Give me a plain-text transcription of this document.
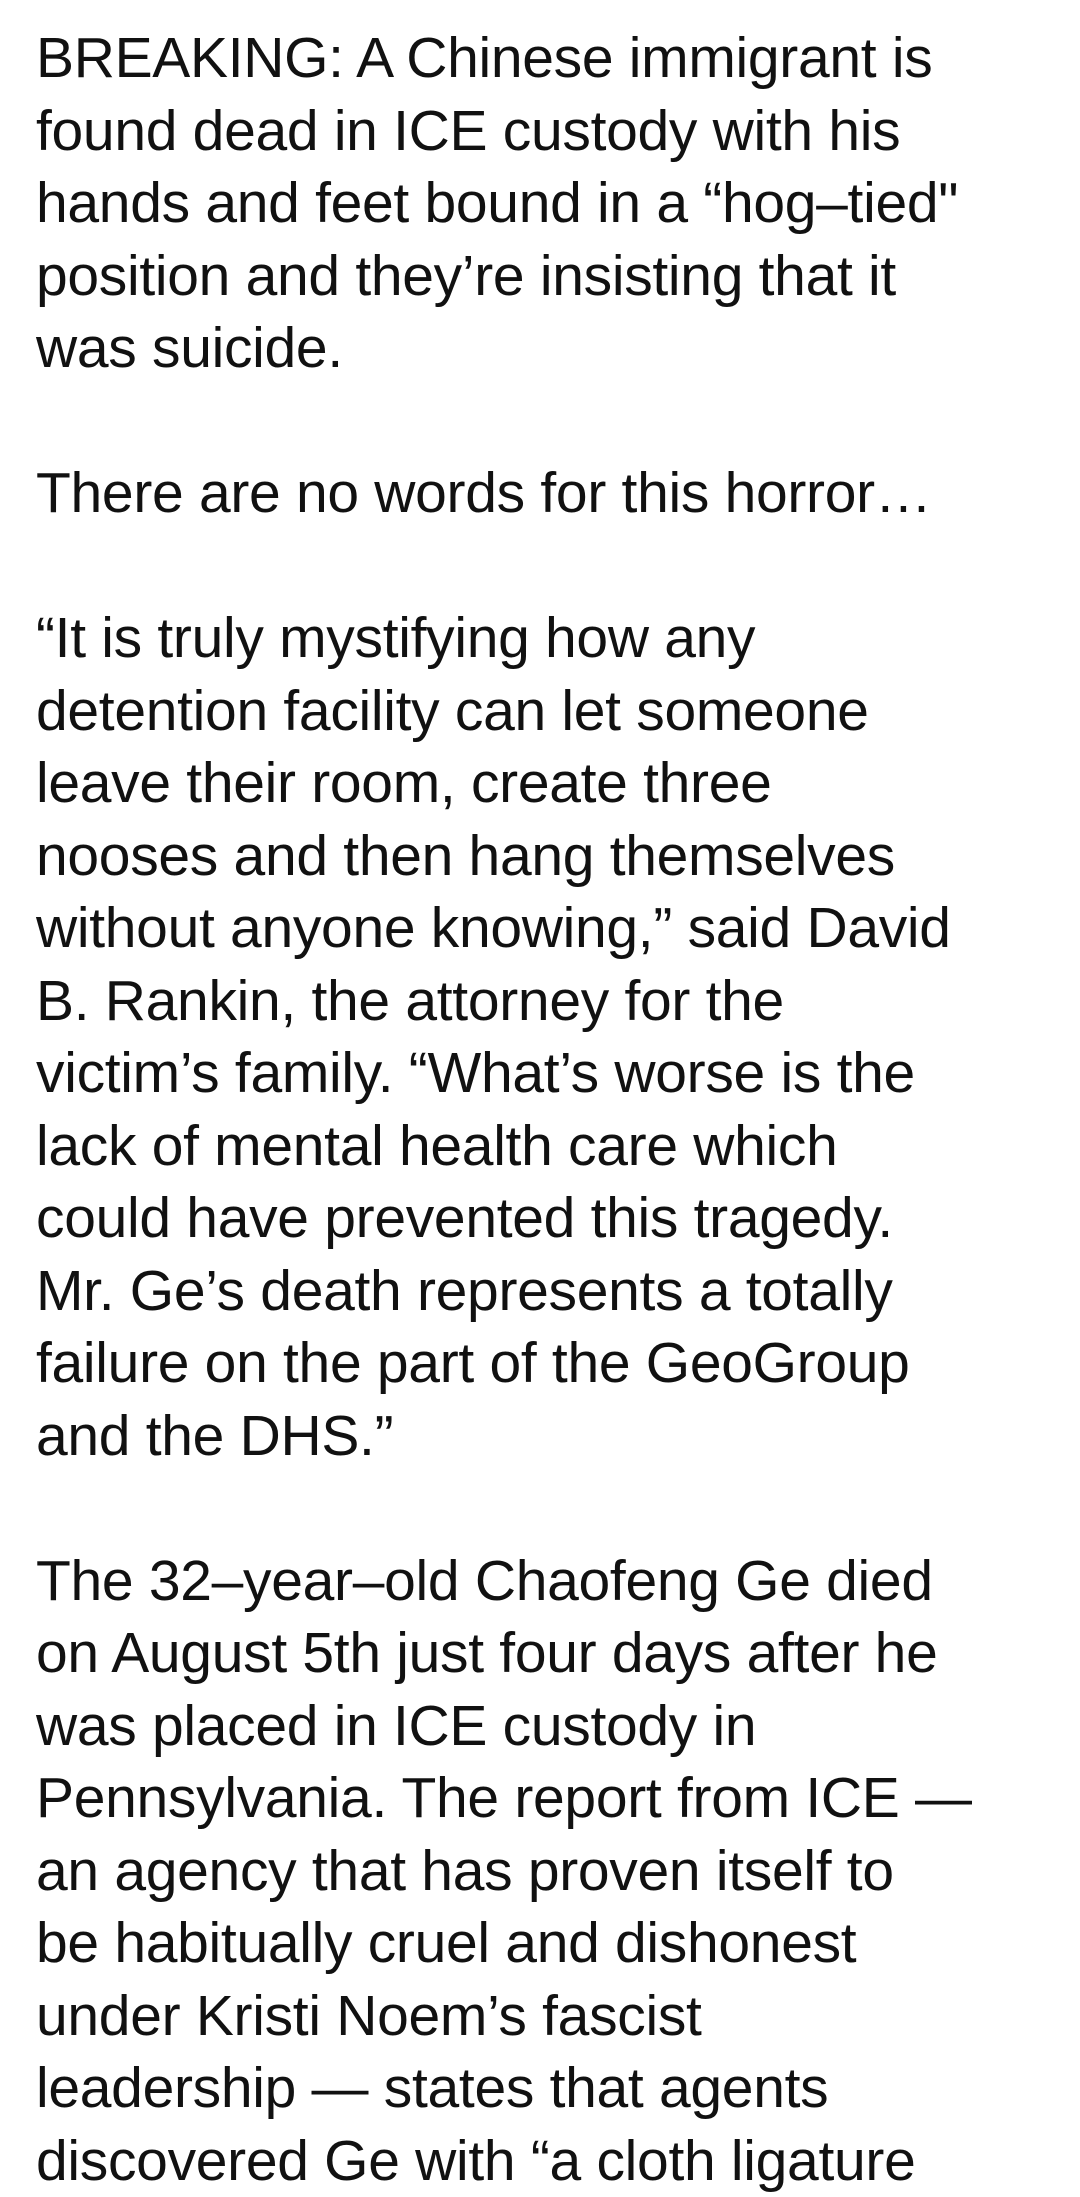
BREAKING: A Chinese immigrant is
found dead in ICE custody with his
hands and feet bound in a “hog–tied"
position and they’re insisting that it
was suicide.

There are no words for this horror…

“It is truly mystifying how any
detention facility can let someone
leave their room, create three
nooses and then hang themselves
without anyone knowing,” said David
B. Rankin, the attorney for the
victim’s family. “What’s worse is the
lack of mental health care which
could have prevented this tragedy.
Mr. Ge’s death represents a totally
failure on the part of the GeoGroup
and the DHS.”

The 32–year–old Chaofeng Ge died
on August 5th just four days after he
was placed in ICE custody in
Pennsylvania. The report from ICE —
an agency that has proven itself to
be habitually cruel and dishonest
under Kristi Noem’s fascist
leadership — states that agents
discovered Ge with “a cloth ligature
